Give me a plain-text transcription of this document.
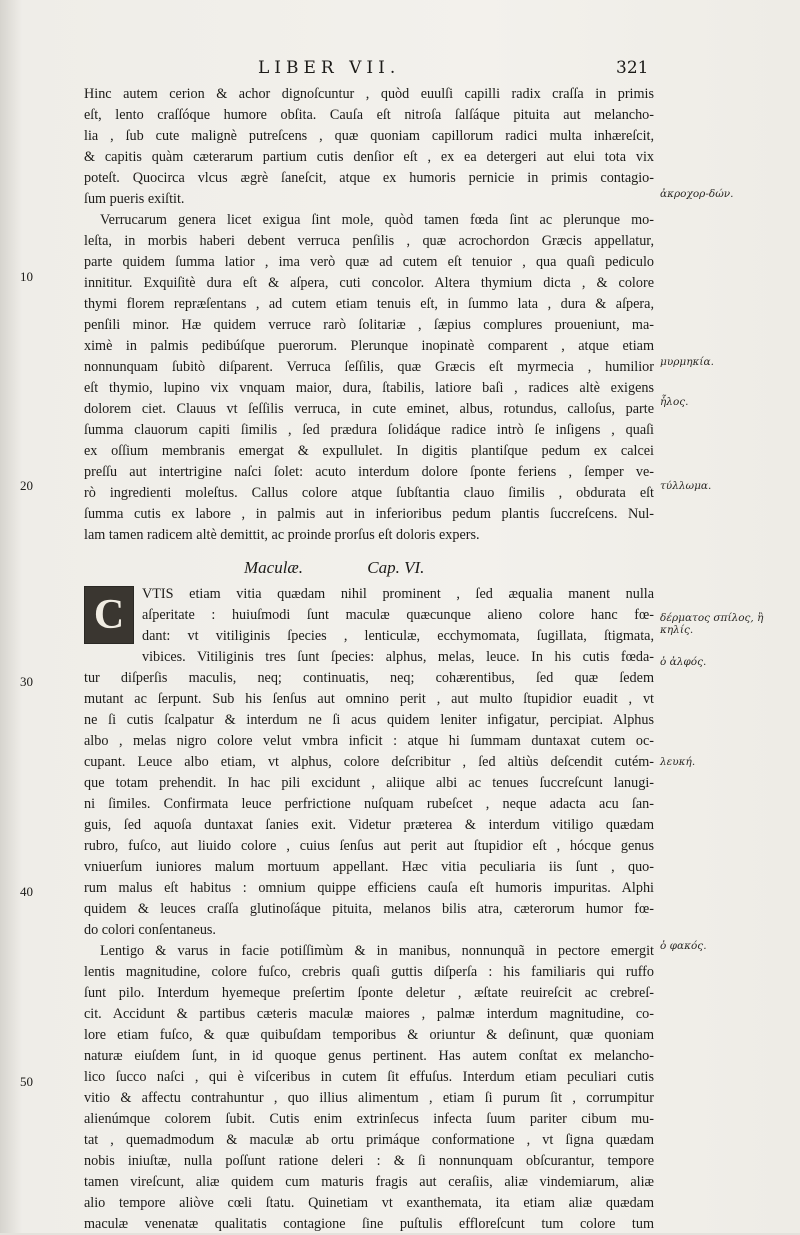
LIBER VII.	321
Hinc autem cerion & achor dignoſcuntur , quòd euulſi capilli radix craſſa in primis
eſt, lento craſſóque humore obſita. Cauſa eſt nitroſa ſalſáque pituita aut melancho-
lia , ſub cute malignè putreſcens , quæ quoniam capillorum radici multa inhæreſcit,
& capitis quàm cæterarum partium cutis denſior eſt , ex ea detergeri aut elui tota vix
poteſt. Quocirca vlcus ægrè ſaneſcit, atque ex humoris pernicie in primis contagio-
ſum pueris exiſtit.
Verrucarum genera licet exigua ſint mole, quòd tamen fœda ſint ac plerunque mo-
leſta, in morbis haberi debent verruca penſilis , quæ acrochordon Græcis appellatur,
parte quidem ſumma latior , ima verò quæ ad cutem eſt tenuior , qua quaſi pediculo
innititur. Exquiſitè dura eſt & aſpera, cuti concolor. Altera thymium dicta , & colore
thymi florem repræſentans , ad cutem etiam tenuis eſt, in ſummo lata , dura & aſpera,
penſili minor. Hæ quidem verruce rarò ſolitariæ , ſæpius complures proueniunt, ma-
ximè in palmis pedibúſque puerorum. Plerunque inopinatè comparent , atque etiam
nonnunquam ſubitò diſparent. Verruca ſeſſilis, quæ Græcis eſt myrmecia , humilior
eſt thymio, lupino vix vnquam maior, dura, ſtabilis, latiore baſi , radices altè exigens
dolorem ciet. Clauus vt ſeſſilis verruca, in cute eminet, albus, rotundus, calloſus, parte
ſumma clauorum capiti ſimilis , ſed prædura ſolidáque radice intrò ſe inſigens , quaſi
ex oſſium membranis emergat & expullulet. In digitis plantiſque pedum ex calcei
preſſu aut intertrigine naſci ſolet: acuto interdum dolore ſponte feriens , ſemper ve-
rò ingredienti moleſtus. Callus colore atque ſubſtantia clauo ſimilis , obdurata eſt
ſumma cutis ex labore , in palmis aut in inferioribus pedum plantis ſuccreſcens. Nul-
lam tamen radicem altè demittit, ac proinde prorſus eſt doloris expers.
Maculæ.	Cap. VI.
VTIS etiam vitia quædam nihil prominent , ſed æqualia manent nulla
aſperitate : huiuſmodi ſunt maculæ quæcunque alieno colore hanc fœ-
dant: vt vitiliginis ſpecies , lenticulæ, ecchymomata, ſugillata, ſtigmata,
vibices. Vitiliginis tres ſunt ſpecies: alphus, melas, leuce. In his cutis fœda-
tur diſperſis maculis, neq; continuatis, neq; cohærentibus, ſed quæ ſedem
mutant ac ſerpunt. Sub his ſenſus aut omnino perit , aut multo ſtupidior euadit , vt
ne ſi cutis ſcalpatur & interdum ne ſi acus quidem leniter infigatur, percipiat. Alphus
albo , melas nigro colore velut vmbra inficit : atque hi ſummam duntaxat cutem oc-
cupant. Leuce albo etiam, vt alphus, colore deſcribitur , ſed altiùs deſcendit cutém-
que totam prehendit. In hac pili excidunt , aliique albi ac tenues ſuccreſcunt lanugi-
ni ſimiles. Confirmata leuce perfrictione nuſquam rubeſcet , neque adacta acu ſan-
guis, ſed aquoſa duntaxat ſanies exit. Videtur præterea & interdum vitiligo quædam
rubro, fuſco, aut liuido colore , cuius ſenſus aut perit aut ſtupidior eſt , hócque genus
vniuerſum iuniores malum mortuum appellant. Hæc vitia peculiaria iis ſunt , quo-
rum malus eſt habitus : omnium quippe efficiens cauſa eſt humoris impuritas. Alphi
quidem & leuces craſſa glutinoſáque pituita, melanos bilis atra, cæterorum humor fœ-
do colori conſentaneus.
Lentigo & varus in facie potiſſimùm & in manibus, nonnunquã in pectore emergit
lentis magnitudine, colore fuſco, crebris quaſi guttis diſperſa : his familiaris qui ruffo
ſunt pilo. Interdum hyemeque preſertim ſponte deletur , æſtate reuireſcit ac crebreſ-
cit. Accidunt & partibus cæteris maculæ maiores , palmæ interdum magnitudine, co-
lore etiam fuſco, & quæ quibuſdam temporibus & oriuntur & deſinunt, quæ quoniam
naturæ eiuſdem ſunt, in id quoque genus pertinent. Has autem conſtat ex melancho-
lico ſucco naſci , qui è viſceribus in cutem ſit effuſus. Interdum etiam peculiari cutis
vitio & affectu contrahuntur , quo illius alimentum , etiam ſi purum ſit , corrumpitur
alienúmque colorem ſubit. Cutis enim extrinſecus infecta ſuum pariter cibum mu-
tat , quemadmodum & maculæ ab ortu primáque conformatione , vt ſigna quædam
nobis iniuſtæ, nulla poſſunt ratione deleri : & ſi nonnunquam obſcurantur, tempore
tamen vireſcunt, aliæ quidem cum maturis fragis aut ceraſiis, aliæ vindemiarum, aliæ
alio tempore aliòve cœli ſtatu. Quinetiam vt exanthemata, ita etiam aliæ quædam
maculæ venenatæ qualitatis contagione ſine puſtulis effloreſcunt tum colore tum
C
10
20
30
40
50
ἀκροχορ-δών.
μυρμηκία.
ἧλος.
τύλλωμα.
δέρματος σπίλος, ἢ κηλίς.
ὁ ἀλφός.
λευκή.
ὁ φακός.
